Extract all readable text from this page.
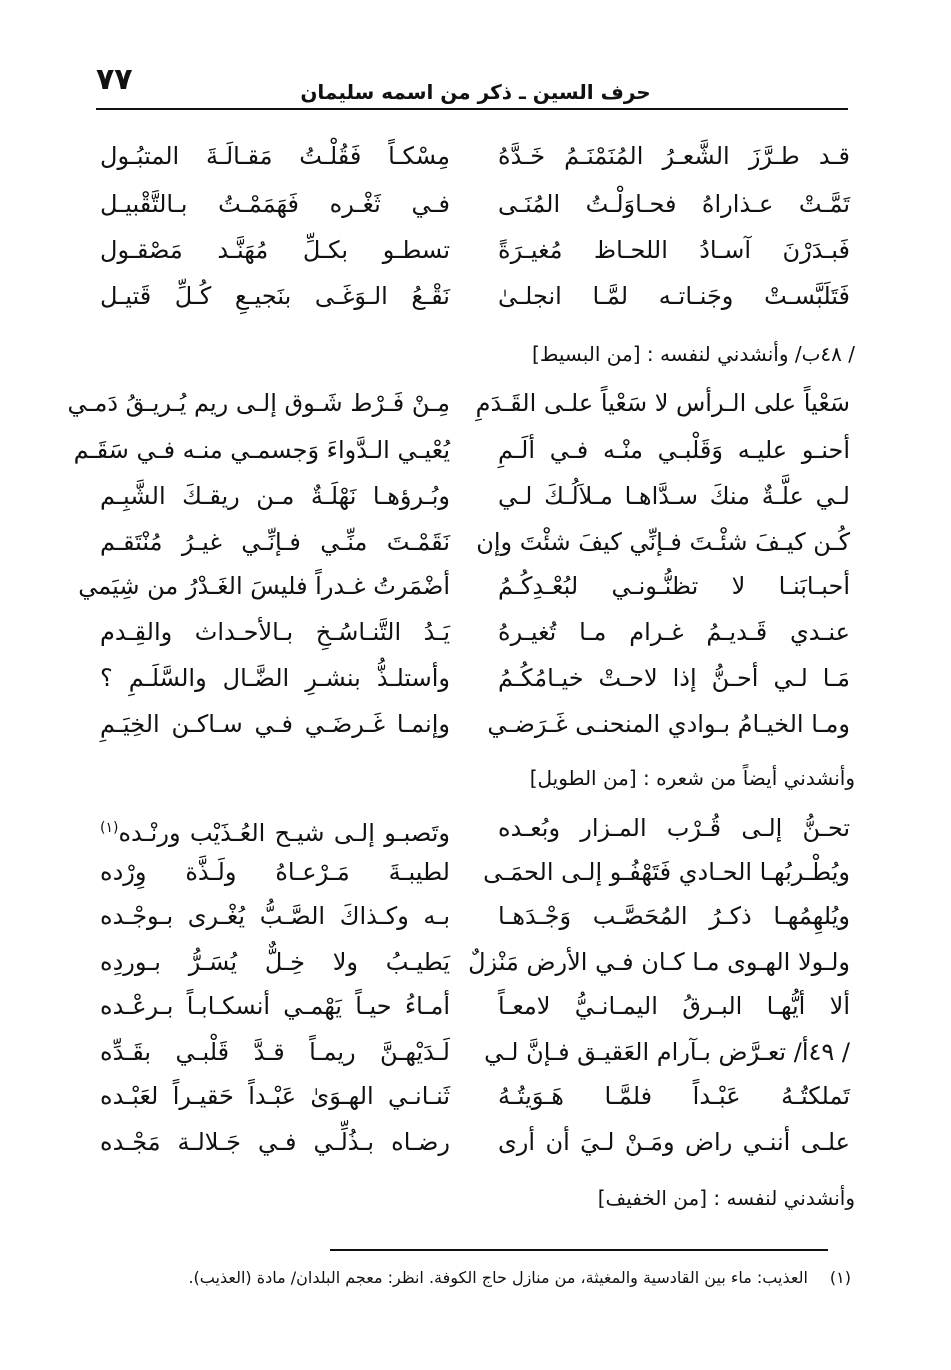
٧٧	حرف السين ـ ذكر من اسمه سليمان
قـد طـرَّزَ الشَّعـرُ المُنَمْنَـمُ خَـدَّهُ
مِسْكـاً فَقُلْـتُ مَقـالَـةَ المتبُـول
تَمَّـتْ عـذاراهُ فحـاوَلْـتُ المُنَـى
فـي ثَغْـره فَهَمَمْـتُ بـالتَّقْبيـل
فَبـدَرْنَ آسـادُ اللحـاظ مُغيـرَةً
تسطـو بكـلِّ مُهَنَّـد مَصْقـول
فَتَلَبَّسـتْ وجَنـاتـه لمَّـا انجلـىٰ
نَقْـعُ الـوَغَـى بنَجيـعِ كُـلِّ قَتيـل
/ ٤٨ب/ وأنشدني لنفسه : [من البسيط]
سَعْياً على الـرأس لا سَعْياً علـى القَـدَمِ
مِـنْ فَـرْط شَـوق إلـى ريم يُـريـقُ دَمـي
أحنـو عليـه وَقَلْبـي منْـه فـي ألَـمِ
يُعْيـي الـدَّواءَ وَجسمـي منـه فـي سَقَـم
لـي علَّـةٌ منكَ سـدَّاهـا مـلاَلُـكَ لـي
وبُـرؤهـا نَهْلَـةٌ مـن ريقـكَ الشَّبِـم
كُـن كيـفَ شئْـتَ فـإنِّي كيفَ شئْتَ وإن
نَقَمْـتَ منِّـي فـإنِّـي غيـرُ مُنْتَقـم
أحبـابَنـا لا تظنُّـونـي لبُعْـدِكُـمُ
أضْمَرتُ غـدراً فليسَ الغَـدْرُ من شِيَمي
عنـدي قَـديـمُ غـرام مـا تُغيـرهُ
يَـدُ التَّنـاسُـخِ بـالأحـداث والقِـدم
مَـا لـي أحـنُّ إذا لاحـتْ خيـامُكُـمُ
وأستلـذُّ بنشـرِ الضَّـال والسَّلَـمِ ؟
ومـا الخيـامُ بـوادي المنحنـى غَـرَضـي
وإنمـا غَـرضَـي فـي سـاكـن الخِيَـمِ
وأنشدني أيضاً من شعره : [من الطويل]
تحـنُّ إلـى قُـرْب المـزار وبُعـده
وتَصبـو إلـى شيـح العُـذَيْب ورنْـده$^{(١)}$
ويُطْـربُهـا الحـادي فَتَهْفُـو إلـى الحمَـى
لطيبـةَ مَـرْعـاهُ ولَـذَّة وِرْده
ويُلهِمُهـا ذكـرُ المُحَصَّـب وَجْـدَهـا
بـه وكـذاكَ الصَّـبُّ يُغْـرى بـوجْـده
ولـولا الهـوى مـا كـان فـي الأرض مَنْزلٌ
يَطيـبُ ولا خِـلٌّ يُسَـرُّ بـوردِه
ألا أيُّهـا البـرقُ اليمـانـيُّ لامعـاً
أمـاءُ حيـاً يَهْمـي أنسكـابـاً بـرعْـده
/ ٤٩أ/ تعـرَّض بـآرام العَقيـق فـإنَّ لـي
لَـدَيْهـنَّ ريمـاً قـدَّ قَلْبـي بقَـدِّه
تَملكتُـهُ عَبْـداً فلمَّـا هَـوَيتُـهُ
ثَنـانـي الهـوَىٰ عَبْـداً حَقيـراً لعَبْـده
علـى أننـي راض ومَـنْ لـيَ أن أرى
رضـاه بـذُلِّـي فـي جَـلالـة مَجْـده
وأنشدني لنفسه : [من الخفيف]
(١)العذيب: ماء بين القادسية والمغيثة، من منازل حاج الكوفة. انظر: معجم البلدان/ مادة (العذيب).
